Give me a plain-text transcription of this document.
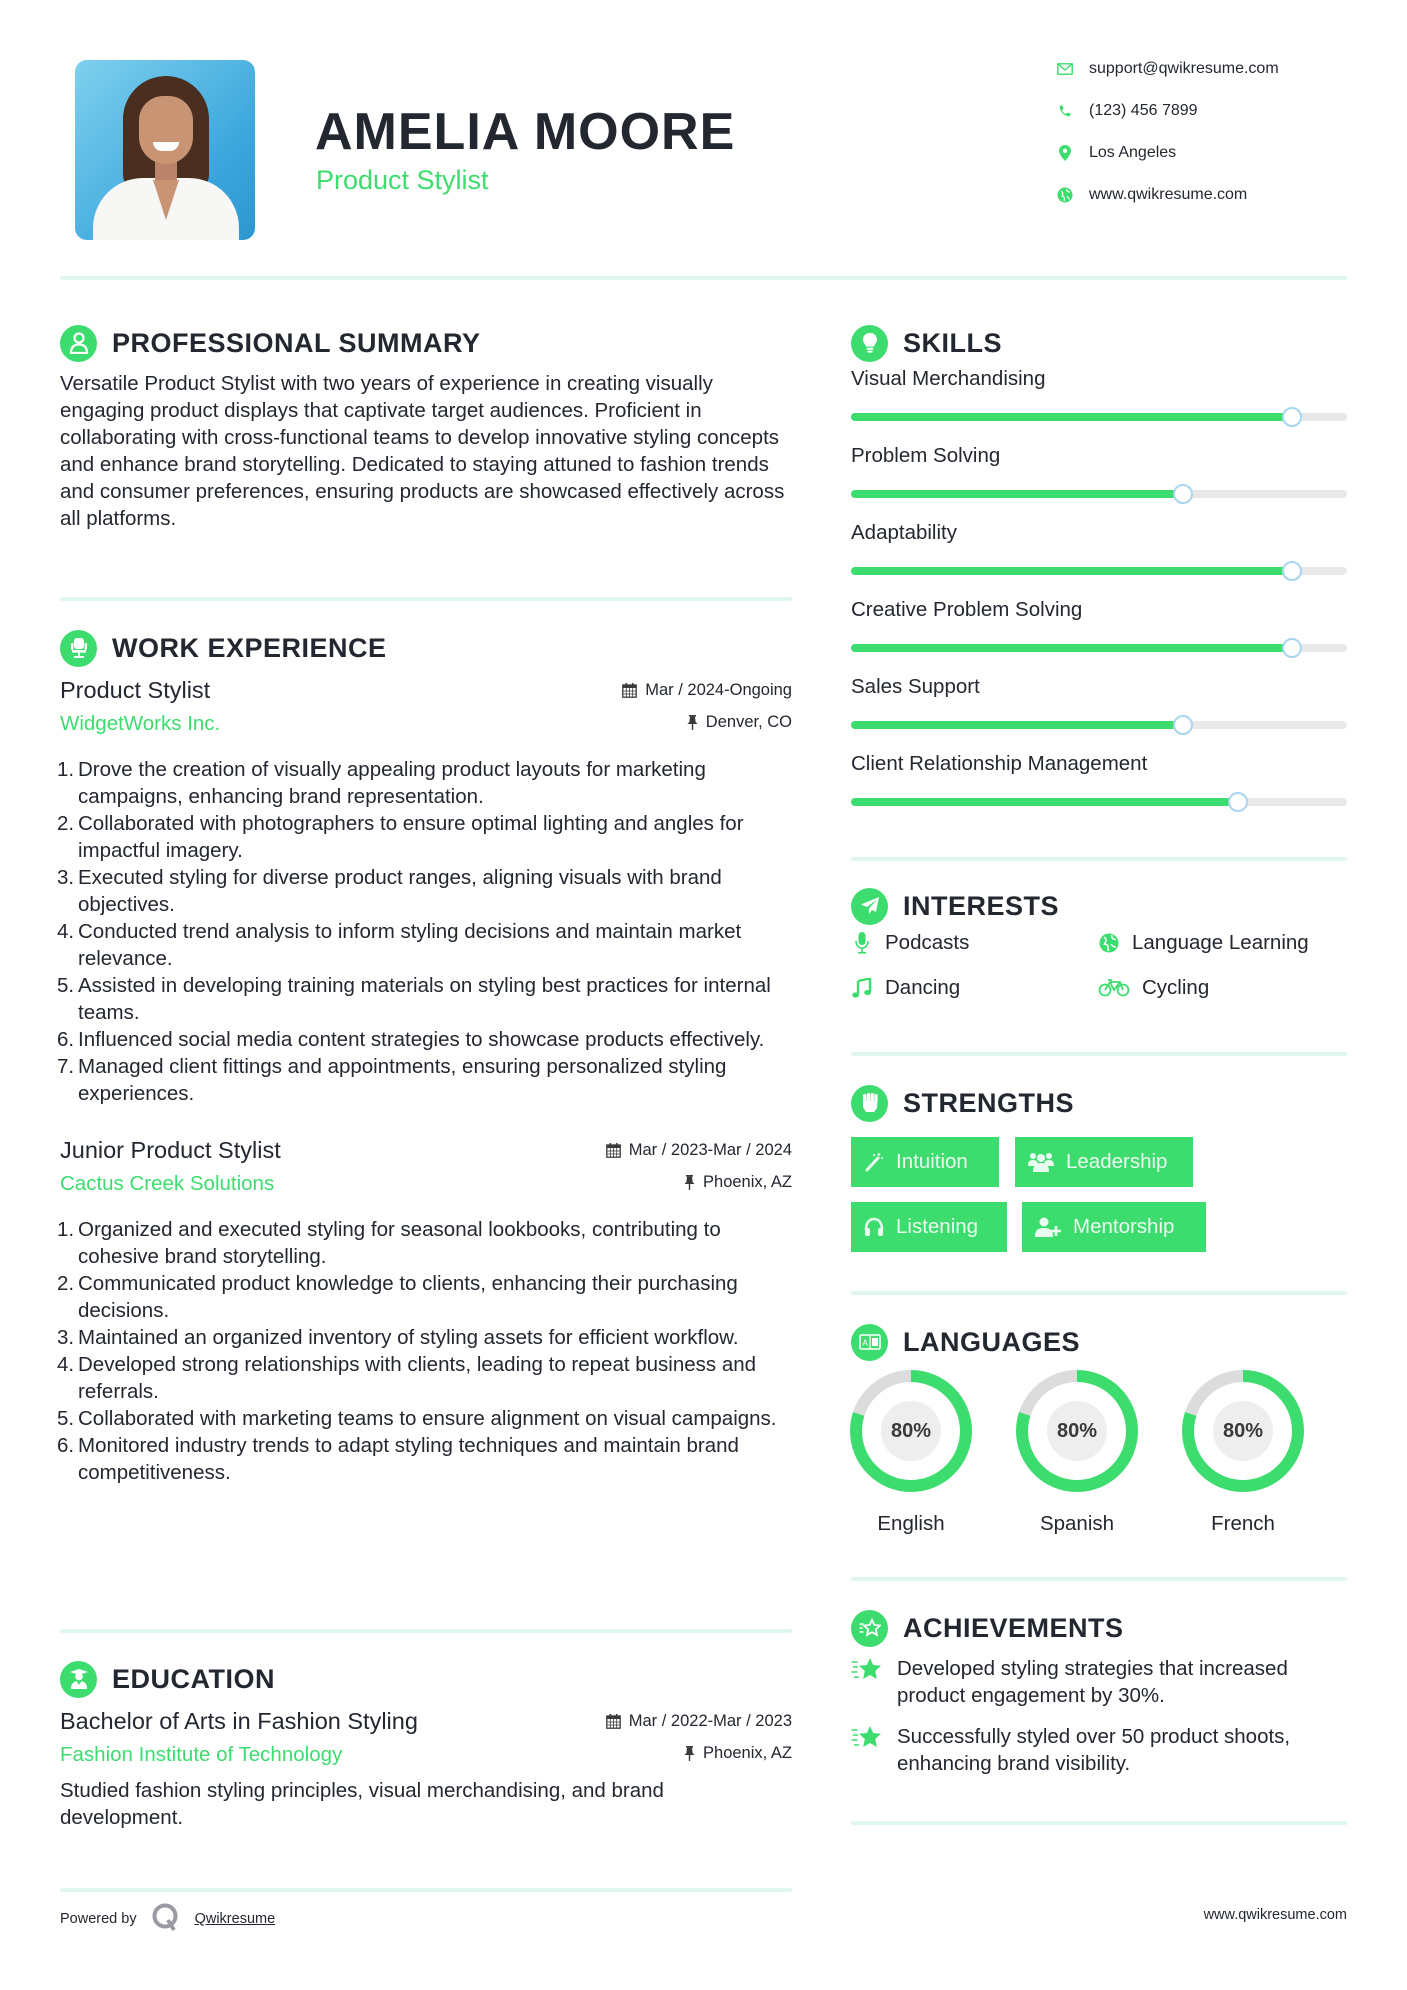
AMELIA MOORE
Product Stylist
support@qwikresume.com
(123) 456 7899
Los Angeles
www.qwikresume.com
PROFESSIONAL SUMMARY

Versatile Product Stylist with two years of experience in creating visually engaging product displays that captivate target audiences. Proficient in collaborating with cross-functional teams to develop innovative styling concepts and enhance brand storytelling. Dedicated to staying attuned to fashion trends and consumer preferences, ensuring products are showcased effectively across all platforms.

WORK EXPERIENCE
Product Stylist	Mar / 2024-Ongoing
WidgetWorks Inc.	Denver, CO
Drove the creation of visually appealing product layouts for marketing campaigns, enhancing brand representation.
Collaborated with photographers to ensure optimal lighting and angles for impactful imagery.
Executed styling for diverse product ranges, aligning visuals with brand objectives.
Conducted trend analysis to inform styling decisions and maintain market relevance.
Assisted in developing training materials on styling best practices for internal teams.
Influenced social media content strategies to showcase products effectively.
Managed client fittings and appointments, ensuring personalized styling experiences.
Junior Product Stylist	Mar / 2023-Mar / 2024
Cactus Creek Solutions	Phoenix, AZ
Organized and executed styling for seasonal lookbooks, contributing to cohesive brand storytelling.
Communicated product knowledge to clients, enhancing their purchasing decisions.
Maintained an organized inventory of styling assets for efficient workflow.
Developed strong relationships with clients, leading to repeat business and referrals.
Collaborated with marketing teams to ensure alignment on visual campaigns.
Monitored industry trends to adapt styling techniques and maintain brand competitiveness.
EDUCATION
Bachelor of Arts in Fashion Styling	Mar / 2022-Mar / 2023
Fashion Institute of Technology	Phoenix, AZ

Studied fashion styling principles, visual merchandising, and brand development.

SKILLS
Visual Merchandising
Problem Solving
Adaptability
Creative Problem Solving
Sales Support
Client Relationship Management
INTERESTS
Podcasts	Language Learning
Dancing	Cycling
STRENGTHS
Intuition	Leadership
Listening	Mentorship
A LANGUAGES
80%
English
80%
Spanish
80%
French
ACHIEVEMENTS
Developed styling strategies that increased product engagement by 30%.
Successfully styled over 50 product shoots, enhancing brand visibility.
Powered by	Qwikresume	www.qwikresume.com
